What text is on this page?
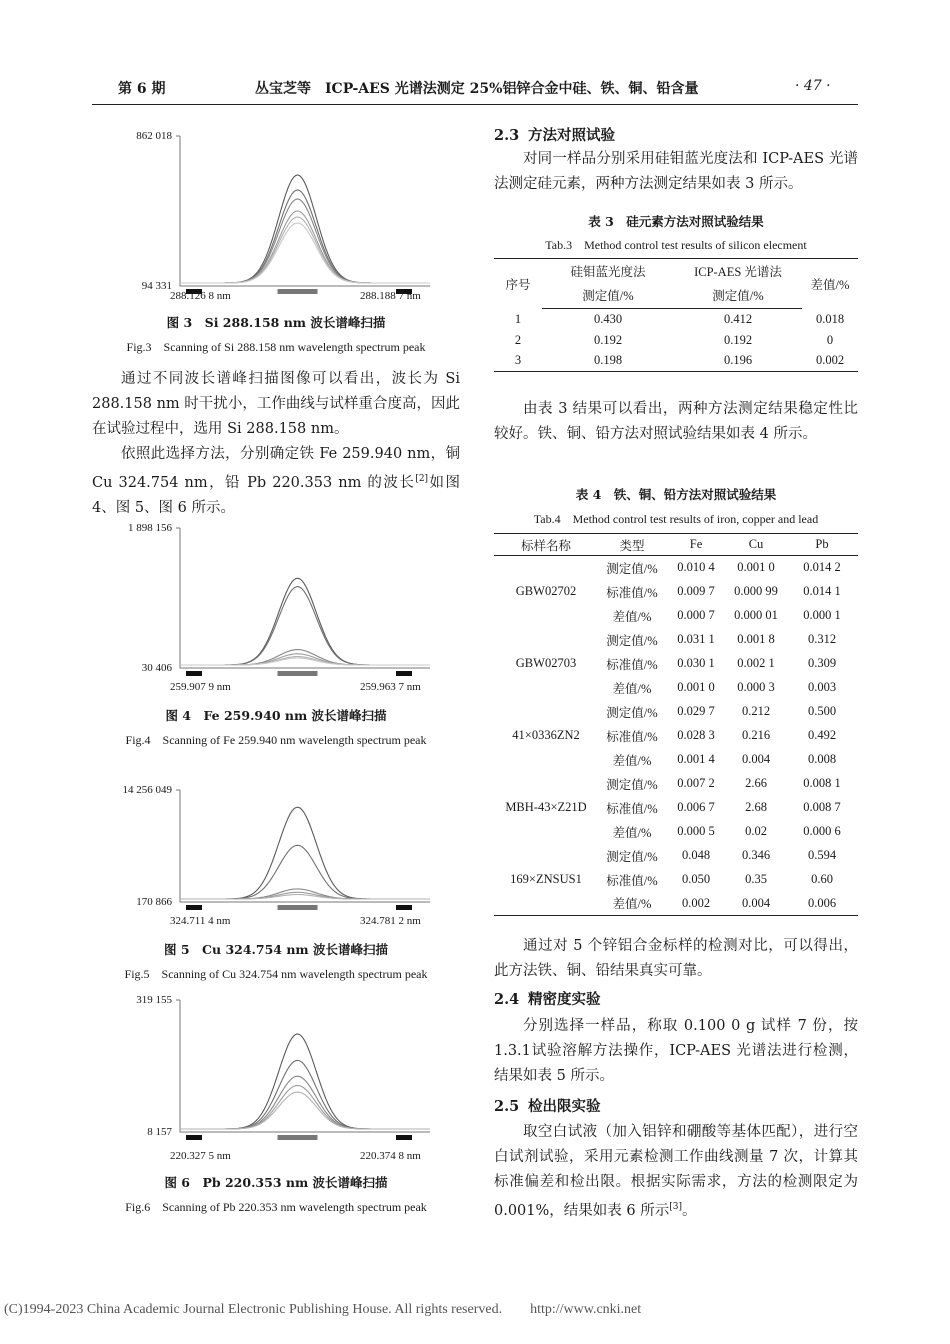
第 6 期	丛宝芝等　ICP-AES 光谱法测定 25%铝锌合金中硅、铁、铜、铅含量	· 47 ·
862 018
94 331
288.126 8 nm	288.188 7 nm
图 3　Si 288.158 nm 波长谱峰扫描
Fig.3　Scanning of Si 288.158 nm wavelength spectrum peak
1 898 156
30 406
259.907 9 nm	259.963 7 nm
图 4　Fe 259.940 nm 波长谱峰扫描
Fig.4　Scanning of Fe 259.940 nm wavelength spectrum peak
14 256 049
170 866
324.711 4 nm	324.781 2 nm
图 5　Cu 324.754 nm 波长谱峰扫描
Fig.5　Scanning of Cu 324.754 nm wavelength spectrum peak
319 155
8 157
220.327 5 nm	220.374 8 nm
图 6　Pb 220.353 nm 波长谱峰扫描
Fig.6　Scanning of Pb 220.353 nm wavelength spectrum peak

通过不同波长谱峰扫描图像可以看出，波长为 Si 288.158 nm 时干扰小，工作曲线与试样重合度高，因此在试验过程中，选用 Si 288.158 nm。

依照此选择方法，分别确定铁 Fe 259.940 nm，铜 Cu 324.754 nm，铅 Pb 220.353 nm 的波长[2]如图 4、图 5、图 6 所示。

2.3 方法对照试验

对同一样品分别采用硅钼蓝光度法和 ICP-AES 光谱法测定硅元素，两种方法测定结果如表 3 所示。

表 3　硅元素方法对照试验结果
Tab.3　Method control test results of silicon elecment
序号	硅钼蓝光度法	ICP-AES 光谱法	差值/%
	测定值/%	测定值/%	
1	0.430	0.412	0.018
2	0.192	0.192	0
3	0.198	0.196	0.002

由表 3 结果可以看出，两种方法测定结果稳定性比较好。铁、铜、铅方法对照试验结果如表 4 所示。

表 4　铁、铜、铅方法对照试验结果
Tab.4　Method control test results of iron, copper and lead
标样名称	类型	Fe	Cu	Pb
GBW02702	测定值/%	0.010 4	0.001 0	0.014 2
	标准值/%	0.009 7	0.000 99	0.014 1
	差值/%	0.000 7	0.000 01	0.000 1
GBW02703	测定值/%	0.031 1	0.001 8	0.312
	标准值/%	0.030 1	0.002 1	0.309
	差值/%	0.001 0	0.000 3	0.003
41×0336ZN2	测定值/%	0.029 7	0.212	0.500
	标准值/%	0.028 3	0.216	0.492
	差值/%	0.001 4	0.004	0.008
MBH-43×Z21D	测定值/%	0.007 2	2.66	0.008 1
	标准值/%	0.006 7	2.68	0.008 7
	差值/%	0.000 5	0.02	0.000 6
169×ZNSUS1	测定值/%	0.048	0.346	0.594
	标准值/%	0.050	0.35	0.60
	差值/%	0.002	0.004	0.006

通过对 5 个锌铝合金标样的检测对比，可以得出，此方法铁、铜、铅结果真实可靠。

2.4 精密度实验

分别选择一样品，称取 0.100 0 g 试样 7 份，按 1.3.1试验溶解方法操作，ICP-AES 光谱法进行检测，结果如表 5 所示。

2.5 检出限实验

取空白试液（加入铝锌和硼酸等基体匹配），进行空白试剂试验，采用元素检测工作曲线测量 7 次，计算其标准偏差和检出限。根据实际需求，方法的检测限定为 0.001%，结果如表 6 所示[3]。

(C)1994-2023 China Academic Journal Electronic Publishing House. All rights reserved.　　http://www.cnki.net
